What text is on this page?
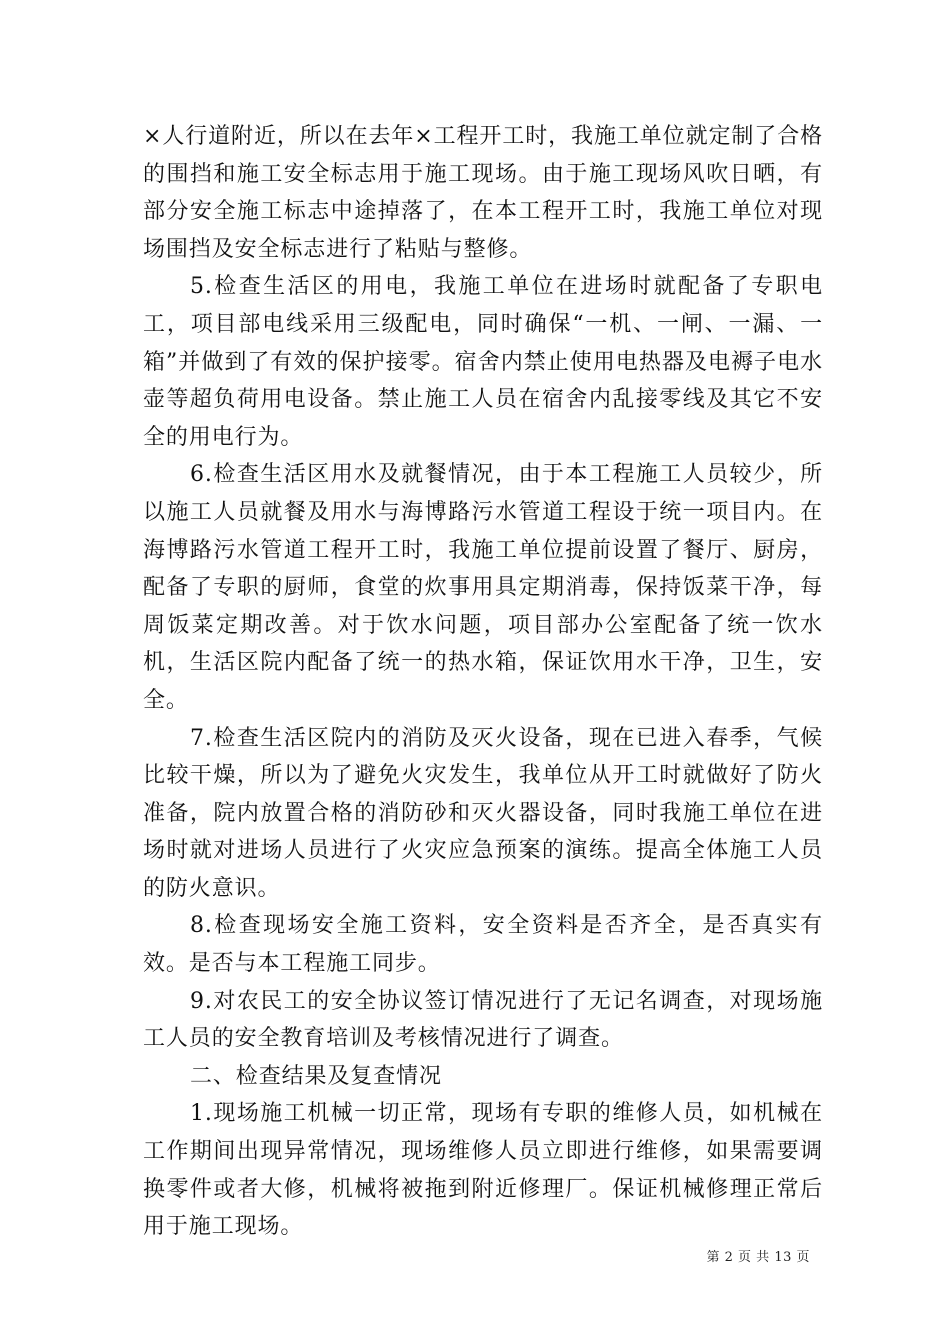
×人行道附近，所以在去年×工程开工时，我施工单位就定制了合格的围挡和施工安全标志用于施工现场。由于施工现场风吹日晒，有部分安全施工标志中途掉落了，在本工程开工时，我施工单位对现场围挡及安全标志进行了粘贴与整修。

5.检查生活区的用电，我施工单位在进场时就配备了专职电工，项目部电线采用三级配电，同时确保“一机、一闸、一漏、一箱”并做到了有效的保护接零。宿舍内禁止使用电热器及电褥子电水壶等超负荷用电设备。禁止施工人员在宿舍内乱接零线及其它不安全的用电行为。

6.检查生活区用水及就餐情况，由于本工程施工人员较少，所以施工人员就餐及用水与海博路污水管道工程设于统一项目内。在海博路污水管道工程开工时，我施工单位提前设置了餐厅、厨房，配备了专职的厨师，食堂的炊事用具定期消毒，保持饭菜干净，每周饭菜定期改善。对于饮水问题，项目部办公室配备了统一饮水机，生活区院内配备了统一的热水箱，保证饮用水干净，卫生，安全。

7.检查生活区院内的消防及灭火设备，现在已进入春季，气候比较干燥，所以为了避免火灾发生，我单位从开工时就做好了防火准备，院内放置合格的消防砂和灭火器设备，同时我施工单位在进场时就对进场人员进行了火灾应急预案的演练。提高全体施工人员的防火意识。

8.检查现场安全施工资料，安全资料是否齐全，是否真实有效。是否与本工程施工同步。

9.对农民工的安全协议签订情况进行了无记名调查，对现场施工人员的安全教育培训及考核情况进行了调查。

二、检查结果及复查情况

1.现场施工机械一切正常，现场有专职的维修人员，如机械在工作期间出现异常情况，现场维修人员立即进行维修，如果需要调换零件或者大修，机械将被拖到附近修理厂。保证机械修理正常后用于施工现场。

第 2 页 共 13 页
